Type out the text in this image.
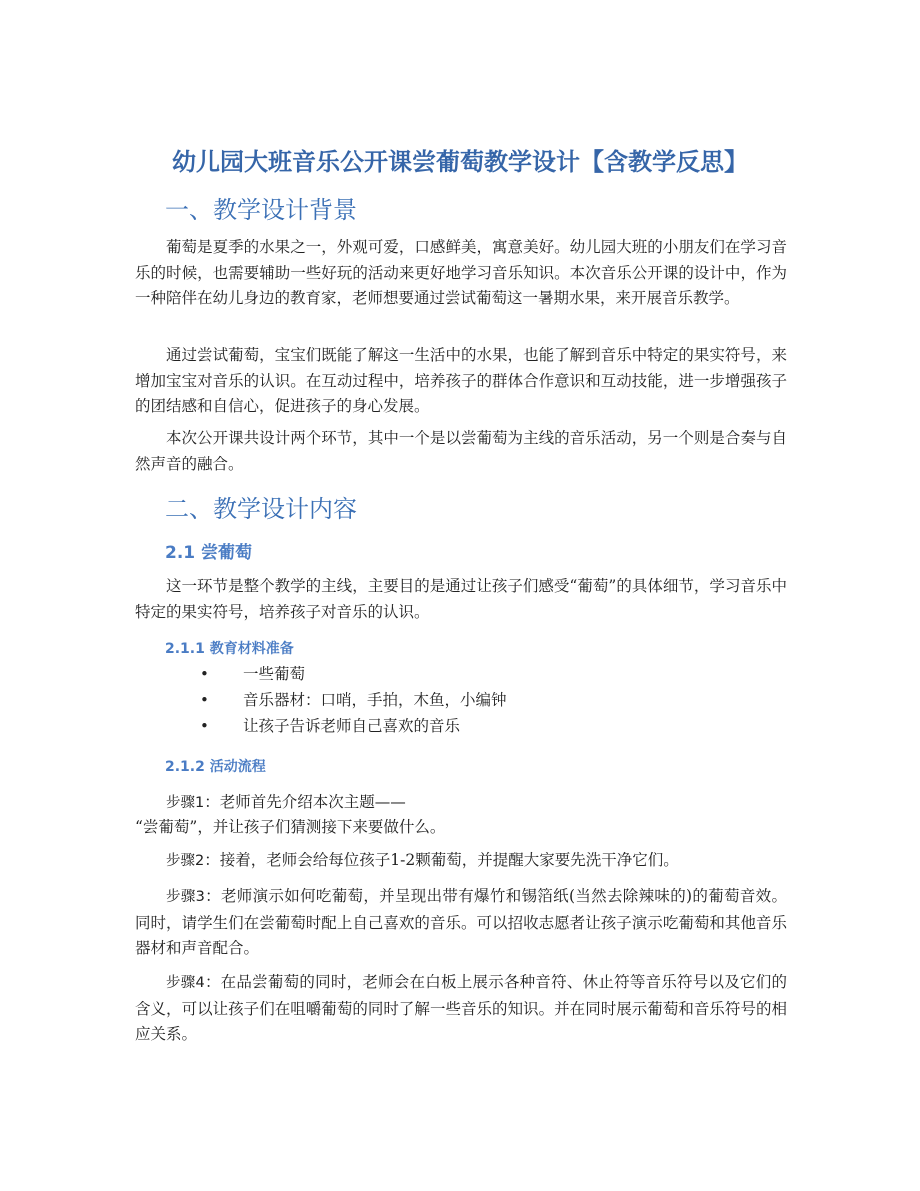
幼儿园大班音乐公开课尝葡萄教学设计【含教学反思】
一、教学设计背景

葡萄是夏季的水果之一，外观可爱，口感鲜美，寓意美好。幼儿园大班的小朋友们在学习音乐的时候，也需要辅助一些好玩的活动来更好地学习音乐知识。本次音乐公开课的设计中，作为一种陪伴在幼儿身边的教育家，老师想要通过尝试葡萄这一暑期水果，来开展音乐教学。

通过尝试葡萄，宝宝们既能了解这一生活中的水果，也能了解到音乐中特定的果实符号，来增加宝宝对音乐的认识。在互动过程中，培养孩子的群体合作意识和互动技能，进一步增强孩子的团结感和自信心，促进孩子的身心发展。

本次公开课共设计两个环节，其中一个是以尝葡萄为主线的音乐活动，另一个则是合奏与自然声音的融合。

二、教学设计内容
2.1 尝葡萄

这一环节是整个教学的主线，主要目的是通过让孩子们感受“葡萄”的具体细节，学习音乐中特定的果实符号，培养孩子对音乐的认识。

2.1.1 教育材料准备
• 一些葡萄
• 音乐器材：口哨，手拍，木鱼，小编钟
• 让孩子告诉老师自己喜欢的音乐
2.1.2 活动流程

步骤1：老师首先介绍本次主题——

“尝葡萄”，并让孩子们猜测接下来要做什么。

步骤2：接着，老师会给每位孩子1-2颗葡萄，并提醒大家要先洗干净它们。

步骤3：老师演示如何吃葡萄，并呈现出带有爆竹和锡箔纸(当然去除辣味的)的葡萄音效。同时，请学生们在尝葡萄时配上自己喜欢的音乐。可以招收志愿者让孩子演示吃葡萄和其他音乐器材和声音配合。

步骤4：在品尝葡萄的同时，老师会在白板上展示各种音符、休止符等音乐符号以及它们的含义，可以让孩子们在咀嚼葡萄的同时了解一些音乐的知识。并在同时展示葡萄和音乐符号的相应关系。
